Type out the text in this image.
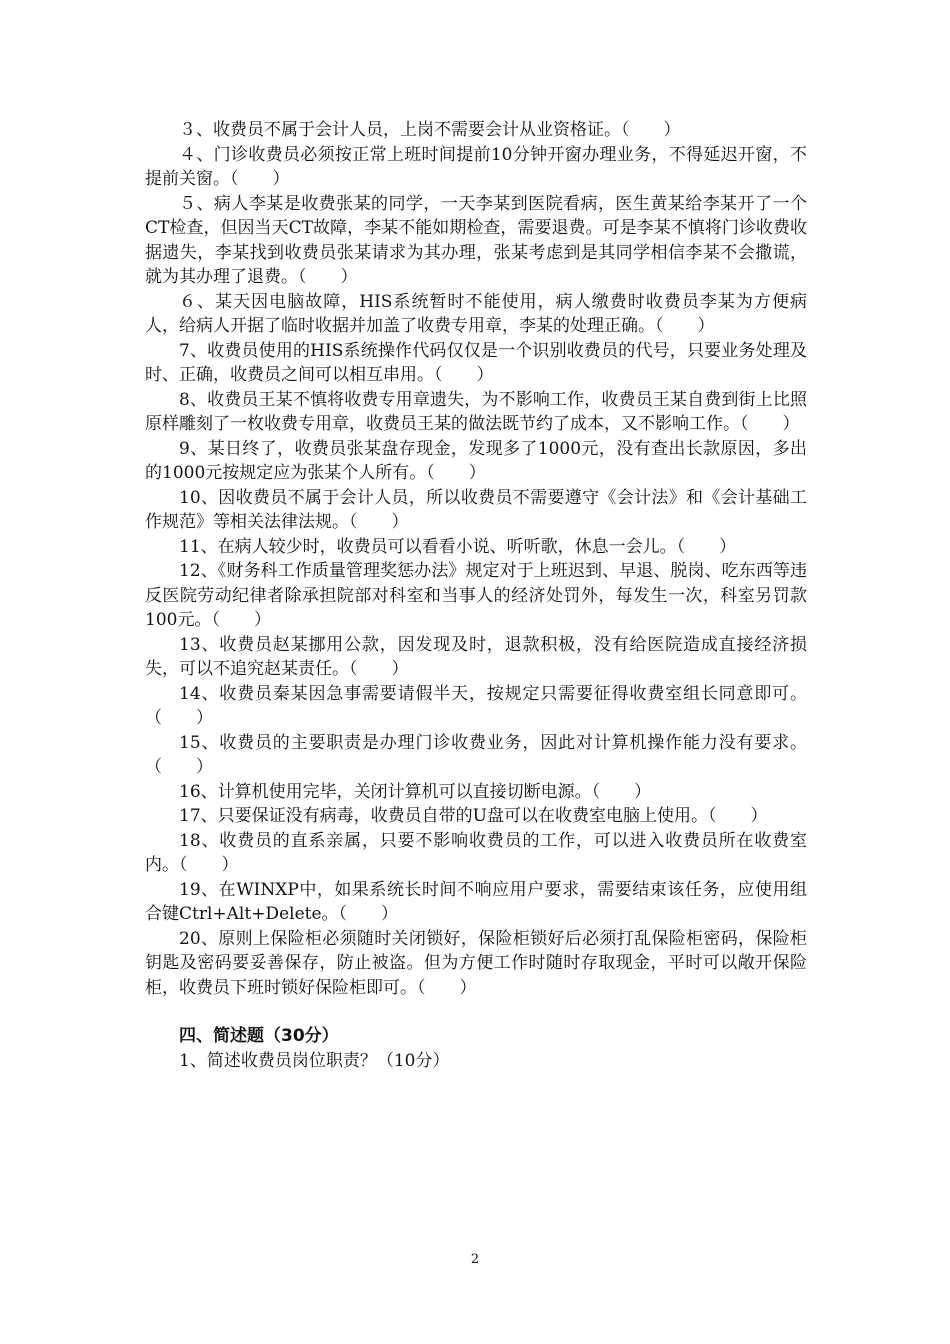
３、收费员不属于会计人员，上岗不需要会计从业资格证。（　　）

４、门诊收费员必须按正常上班时间提前10分钟开窗办理业务，不得延迟开窗，不提前关窗。（　　）

５、病人李某是收费张某的同学，一天李某到医院看病，医生黄某给李某开了一个CT检查，但因当天CT故障，李某不能如期检查，需要退费。可是李某不慎将门诊收费收据遗失，李某找到收费员张某请求为其办理，张某考虑到是其同学相信李某不会撒谎，就为其办理了退费。（　　）

６、某天因电脑故障，HIS系统暂时不能使用，病人缴费时收费员李某为方便病人，给病人开据了临时收据并加盖了收费专用章，李某的处理正确。（　　）

7、收费员使用的HIS系统操作代码仅仅是一个识别收费员的代号，只要业务处理及时、正确，收费员之间可以相互串用。（　　）

8、收费员王某不慎将收费专用章遗失，为不影响工作，收费员王某自费到街上比照原样雕刻了一枚收费专用章，收费员王某的做法既节约了成本，又不影响工作。（　　）

9、某日终了，收费员张某盘存现金，发现多了1000元，没有查出长款原因，多出的1000元按规定应为张某个人所有。（　　）

10、因收费员不属于会计人员，所以收费员不需要遵守《会计法》和《会计基础工作规范》等相关法律法规。（　　）

11、在病人较少时，收费员可以看看小说、听听歌，休息一会儿。（　　）

12、《财务科工作质量管理奖惩办法》规定对于上班迟到、早退、脱岗、吃东西等违反医院劳动纪律者除承担院部对科室和当事人的经济处罚外，每发生一次，科室另罚款100元。（　　）

13、收费员赵某挪用公款，因发现及时，退款积极，没有给医院造成直接经济损失，可以不追究赵某责任。（　　）

14、收费员秦某因急事需要请假半天，按规定只需要征得收费室组长同意即可。（　　）

15、收费员的主要职责是办理门诊收费业务，因此对计算机操作能力没有要求。（　　）

16、计算机使用完毕，关闭计算机可以直接切断电源。（　　）

17、只要保证没有病毒，收费员自带的U盘可以在收费室电脑上使用。（　　）

18、收费员的直系亲属，只要不影响收费员的工作，可以进入收费员所在收费室内。（　　）

19、在WINXP中，如果系统长时间不响应用户要求，需要结束该任务，应使用组合键Ctrl+Alt+Delete。（　　）

20、原则上保险柜必须随时关闭锁好，保险柜锁好后必须打乱保险柜密码，保险柜钥匙及密码要妥善保存，防止被盗。但为方便工作时随时存取现金，平时可以敞开保险柜，收费员下班时锁好保险柜即可。（　　）

四、简述题（30分）

1、简述收费员岗位职责？（10分）

2
